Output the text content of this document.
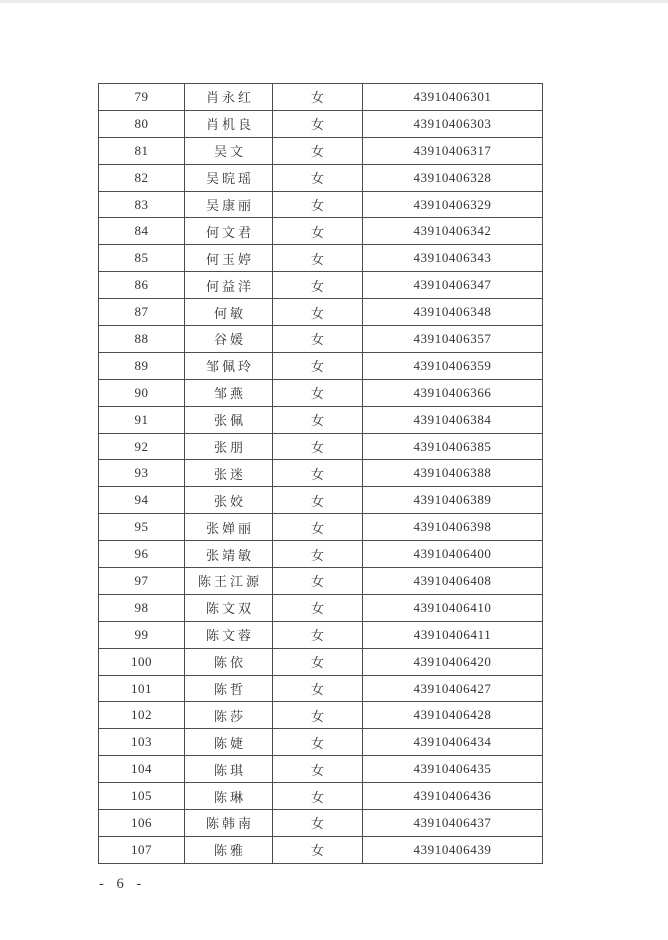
79	肖永红	女	43910406301
80	肖机良	女	43910406303
81	吴文	女	43910406317
82	吴晥瑶	女	43910406328
83	吴康丽	女	43910406329
84	何文君	女	43910406342
85	何玉婷	女	43910406343
86	何益洋	女	43910406347
87	何敏	女	43910406348
88	谷媛	女	43910406357
89	邹佩玲	女	43910406359
90	邹燕	女	43910406366
91	张佩	女	43910406384
92	张朋	女	43910406385
93	张迷	女	43910406388
94	张姣	女	43910406389
95	张婵丽	女	43910406398
96	张靖敏	女	43910406400
97	陈王江源	女	43910406408
98	陈文双	女	43910406410
99	陈文蓉	女	43910406411
100	陈依	女	43910406420
101	陈哲	女	43910406427
102	陈莎	女	43910406428
103	陈婕	女	43910406434
104	陈琪	女	43910406435
105	陈琳	女	43910406436
106	陈韩南	女	43910406437
107	陈雅	女	43910406439
- 6 -
